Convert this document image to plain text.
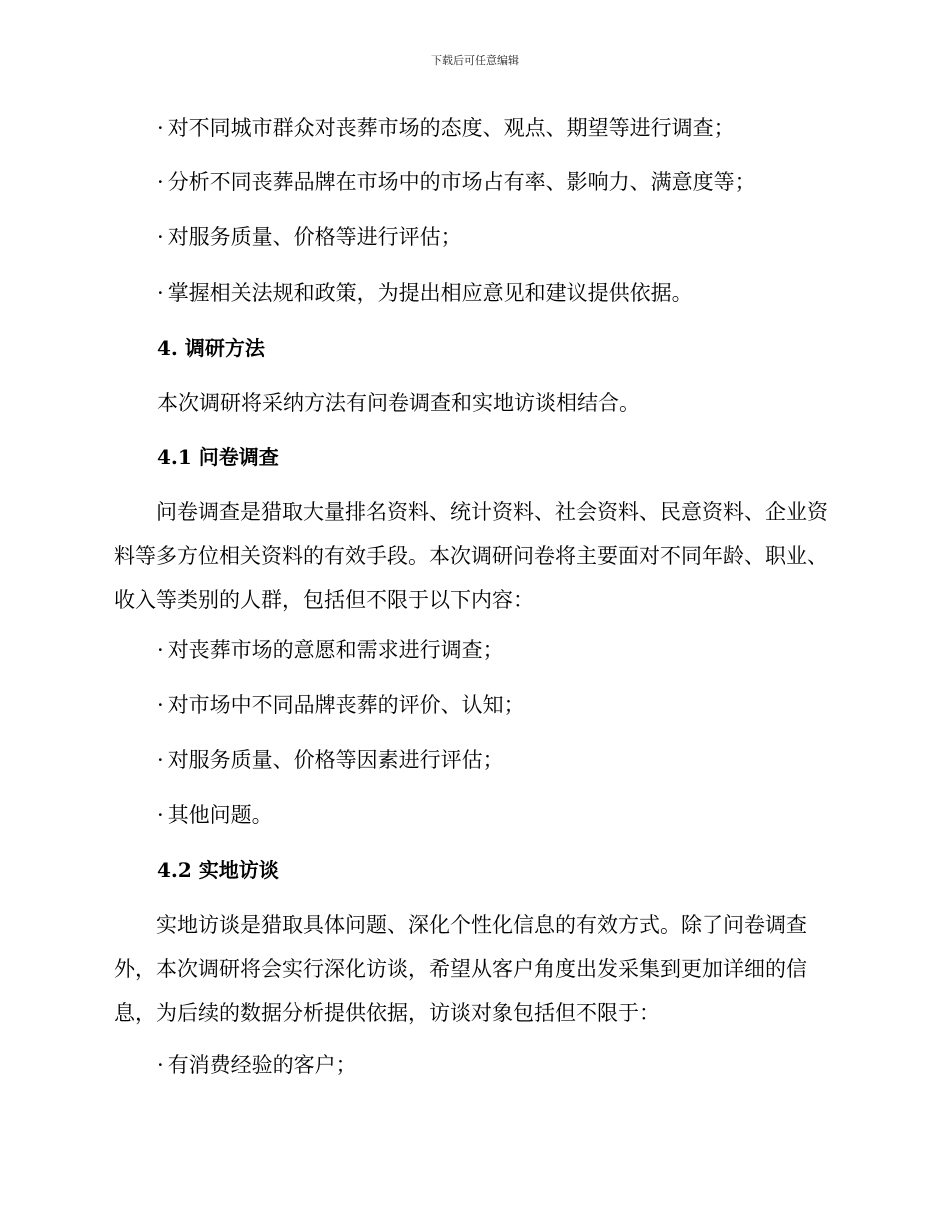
下载后可任意编辑
· 对不同城市群众对丧葬市场的态度、观点、期望等进行调查；
· 分析不同丧葬品牌在市场中的市场占有率、影响力、满意度等；
· 对服务质量、价格等进行评估；
· 掌握相关法规和政策，为提出相应意见和建议提供依据。
4. 调研方法
本次调研将采纳方法有问卷调查和实地访谈相结合。
4.1 问卷调查
问卷调查是猎取大量排名资料、统计资料、社会资料、民意资料、企业资料等多方位相关资料的有效手段。本次调研问卷将主要面对不同年龄、职业、收入等类别的人群，包括但不限于以下内容：
· 对丧葬市场的意愿和需求进行调查；
· 对市场中不同品牌丧葬的评价、认知；
· 对服务质量、价格等因素进行评估；
· 其他问题。
4.2 实地访谈
实地访谈是猎取具体问题、深化个性化信息的有效方式。除了问卷调查外，本次调研将会实行深化访谈，希望从客户角度出发采集到更加详细的信息，为后续的数据分析提供依据，访谈对象包括但不限于：
· 有消费经验的客户；
